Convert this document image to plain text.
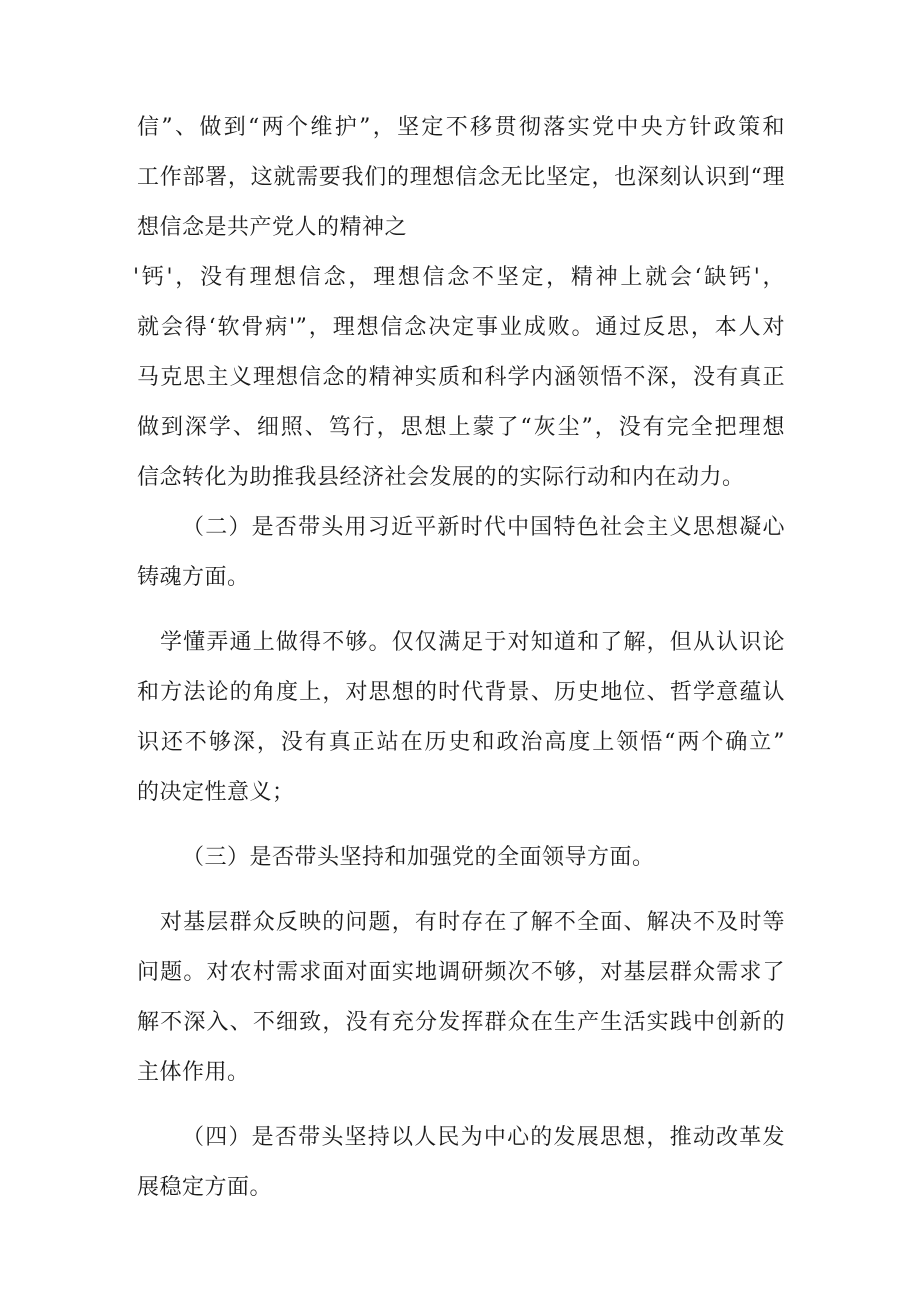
信”、做到“两个维护”，坚定不移贯彻落实党中央方针政策和
工作部署，这就需要我们的理想信念无比坚定，也深刻认识到“理
想信念是共产党人的精神之
'钙'，没有理想信念，理想信念不坚定，精神上就会‘缺钙'，
就会得‘软骨病'”，理想信念决定事业成败。通过反思，本人对
马克思主义理想信念的精神实质和科学内涵领悟不深，没有真正
做到深学、细照、笃行，思想上蒙了“灰尘”，没有完全把理想
信念转化为助推我县经济社会发展的的实际行动和内在动力。
（二）是否带头用习近平新时代中国特色社会主义思想凝心
铸魂方面。
学懂弄通上做得不够。仅仅满足于对知道和了解，但从认识论
和方法论的角度上，对思想的时代背景、历史地位、哲学意蕴认
识还不够深，没有真正站在历史和政治高度上领悟“两个确立”
的决定性意义；
（三）是否带头坚持和加强党的全面领导方面。
对基层群众反映的问题，有时存在了解不全面、解决不及时等
问题。对农村需求面对面实地调研频次不够，对基层群众需求了
解不深入、不细致，没有充分发挥群众在生产生活实践中创新的
主体作用。
（四）是否带头坚持以人民为中心的发展思想，推动改革发
展稳定方面。
